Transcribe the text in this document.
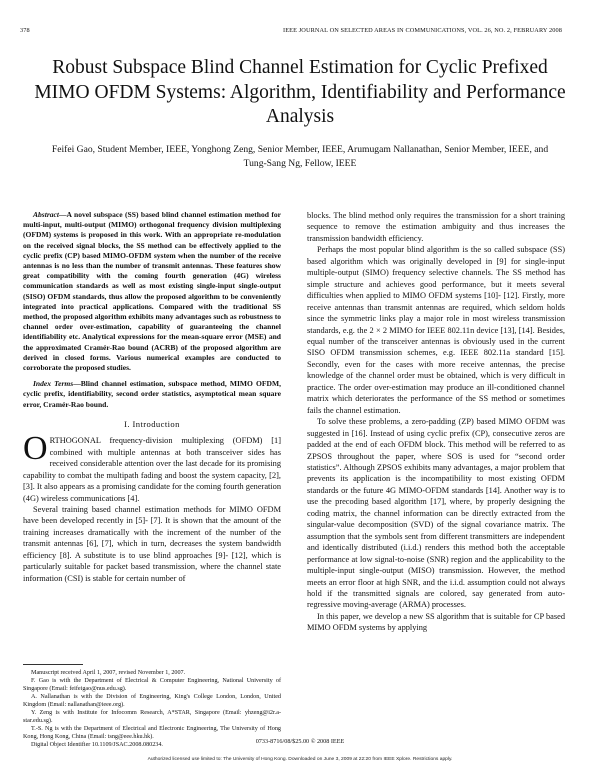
378	IEEE JOURNAL ON SELECTED AREAS IN COMMUNICATIONS, VOL. 26, NO. 2, FEBRUARY 2008
Robust Subspace Blind Channel Estimation for Cyclic Prefixed MIMO OFDM Systems: Algorithm, Identifiability and Performance Analysis
Feifei Gao, Student Member, IEEE, Yonghong Zeng, Senior Member, IEEE, Arumugam Nallanathan, Senior Member, IEEE, and Tung-Sang Ng, Fellow, IEEE

Abstract—A novel subspace (SS) based blind channel estimation method for multi-input, multi-output (MIMO) orthogonal frequency division multiplexing (OFDM) systems is proposed in this work. With an appropriate re-modulation on the received signal blocks, the SS method can be effectively applied to the cyclic prefix (CP) based MIMO-OFDM system when the number of the receive antennas is no less than the number of transmit antennas. These features show great compatibility with the coming fourth generation (4G) wireless communication standards as well as most existing single-input single-output (SISO) OFDM standards, thus allow the proposed algorithm to be conveniently integrated into practical applications. Compared with the traditional SS method, the proposed algorithm exhibits many advantages such as robustness to channel order over-estimation, capability of guaranteeing the channel identifiability etc. Analytical expressions for the mean-square error (MSE) and the approximated Cramér-Rao bound (ACRB) of the proposed algorithm are derived in closed forms. Various numerical examples are conducted to corroborate the proposed studies.

Index Terms—Blind channel estimation, subspace method, MIMO OFDM, cyclic prefix, identifiability, second order statistics, asymptotical mean square error, Cramér-Rao bound.

I. Introduction

ORTHOGONAL frequency-division multiplexing (OFDM) [1] combined with multiple antennas at both transceiver sides has received considerable attention over the last decade for its promising capability to combat the multipath fading and boost the system capacity, [2], [3]. It also appears as a promising candidate for the coming fourth generation (4G) wireless communications [4].

Several training based channel estimation methods for MIMO OFDM have been developed recently in [5]- [7]. It is shown that the amount of the training increases dramatically with the increment of the number of the transmit antennas [6], [7], which in turn, decreases the system bandwidth efficiency [8]. A substitute is to use blind approaches [9]- [12], which is particularly suitable for packet based transmission, where the channel state information (CSI) is stable for certain number of

Manuscript received April 1, 2007, revised November 1, 2007.
F. Gao is with the Department of Electrical & Computer Engineering, National University of Singapore (Email: feifeigao@nus.edu.sg).
A. Nallanathan is with the Division of Engineering, King's College London, London, United Kingdom (Email: nallanathan@ieee.org).
Y. Zeng is with Institute for Infocomm Research, A*STAR, Singapore (Email: yhzeng@i2r.a-star.edu.sg).
T.-S. Ng is with the Department of Electrical and Electronic Engineering, The University of Hong Kong, Hong Kong, China (Email: tsng@eee.hku.hk).
Digital Object Identifier 10.1109/JSAC.2008.080234.

blocks. The blind method only requires the transmission for a short training sequence to remove the estimation ambiguity and thus increases the transmission bandwidth efficiency.

Perhaps the most popular blind algorithm is the so called subspace (SS) based algorithm which was originally developed in [9] for single-input multiple-output (SIMO) frequency selective channels. The SS method has simple structure and achieves good performance, but it meets several difficulties when applied to MIMO OFDM systems [10]- [12]. Firstly, more receive antennas than transmit antennas are required, which seldom holds since the symmetric links play a major role in most wireless transmission standards, e.g. the 2 × 2 MIMO for IEEE 802.11n device [13], [14]. Besides, equal number of the transceiver antennas is obviously used in the current SISO OFDM transmission schemes, e.g. IEEE 802.11a standard [15]. Secondly, even for the cases with more receive antennas, the precise knowledge of the channel order must be obtained, which is very difficult in practice. The order over-estimation may produce an ill-conditioned channel matrix which deteriorates the performance of the SS method or sometimes fails the channel estimation.

To solve these problems, a zero-padding (ZP) based MIMO OFDM was suggested in [16]. Instead of using cyclic prefix (CP), consecutive zeros are padded at the end of each OFDM block. This method will be referred to as ZPSOS throughout the paper, where SOS is used for “second order statistics”. Although ZPSOS exhibits many advantages, a major problem that prevents its application is the incompatibility to most existing OFDM standards or the future 4G MIMO-OFDM standards [14]. Another way is to use the precoding based algorithm [17], where, by properly designing the coding matrix, the channel information can be directly extracted from the singular-value decomposition (SVD) of the signal covariance matrix. The assumption that the symbols sent from different transmitters are independent and identically distributed (i.i.d.) renders this method both the acceptable performance at low signal-to-noise (SNR) region and the applicability to the multiple-input single-output (MISO) transmission. However, the method meets an error floor at high SNR, and the i.i.d. assumption could not always hold if the transmitted signals are colored, say generated from auto-regressive moving-average (ARMA) processes.

In this paper, we develop a new SS algorithm that is suitable for CP based MIMO OFDM systems by applying

0733-8716/08/$25.00 © 2008 IEEE
Authorized licensed use limited to: The University of Hong Kong. Downloaded on June 3, 2009 at 22:20 from IEEE Xplore. Restrictions apply.
